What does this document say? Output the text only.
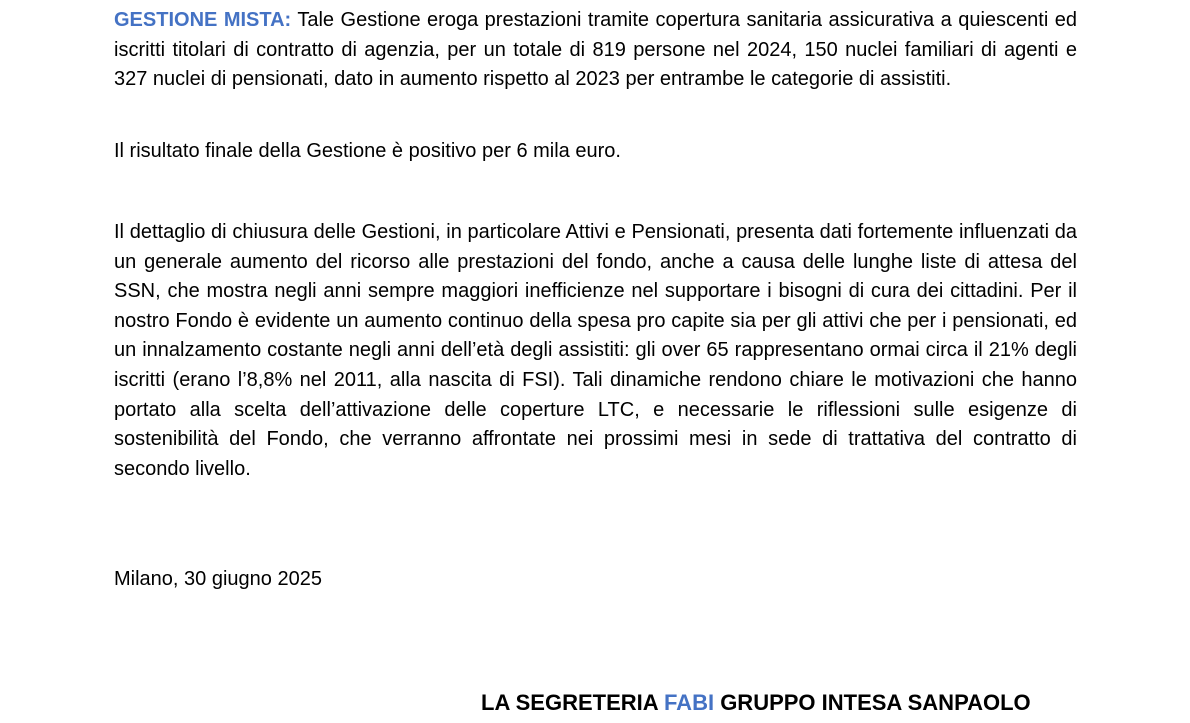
GESTIONE MISTA: Tale Gestione eroga prestazioni tramite copertura sanitaria assicurativa a quiescenti ed iscritti titolari di contratto di agenzia, per un totale di 819 persone nel 2024, 150 nuclei familiari di agenti e 327 nuclei di pensionati, dato in aumento rispetto al 2023 per entrambe le categorie di assistiti.

Il risultato finale della Gestione è positivo per 6 mila euro.

Il dettaglio di chiusura delle Gestioni, in particolare Attivi e Pensionati, presenta dati fortemente influenzati da un generale aumento del ricorso alle prestazioni del fondo, anche a causa delle lunghe liste di attesa del SSN, che mostra negli anni sempre maggiori inefficienze nel supportare i bisogni di cura dei cittadini. Per il nostro Fondo è evidente un aumento continuo della spesa pro capite sia per gli attivi che per i pensionati, ed un innalzamento costante negli anni dell’età degli assistiti: gli over 65 rappresentano ormai circa il 21% degli iscritti (erano l’8,8% nel 2011, alla nascita di FSI). Tali dinamiche rendono chiare le motivazioni che hanno portato alla scelta dell’attivazione delle coperture LTC, e necessarie le riflessioni sulle esigenze di sostenibilità del Fondo, che verranno affrontate nei prossimi mesi in sede di trattativa del contratto di secondo livello.

Milano, 30 giugno 2025

LA SEGRETERIA FABI GRUPPO INTESA SANPAOLO
